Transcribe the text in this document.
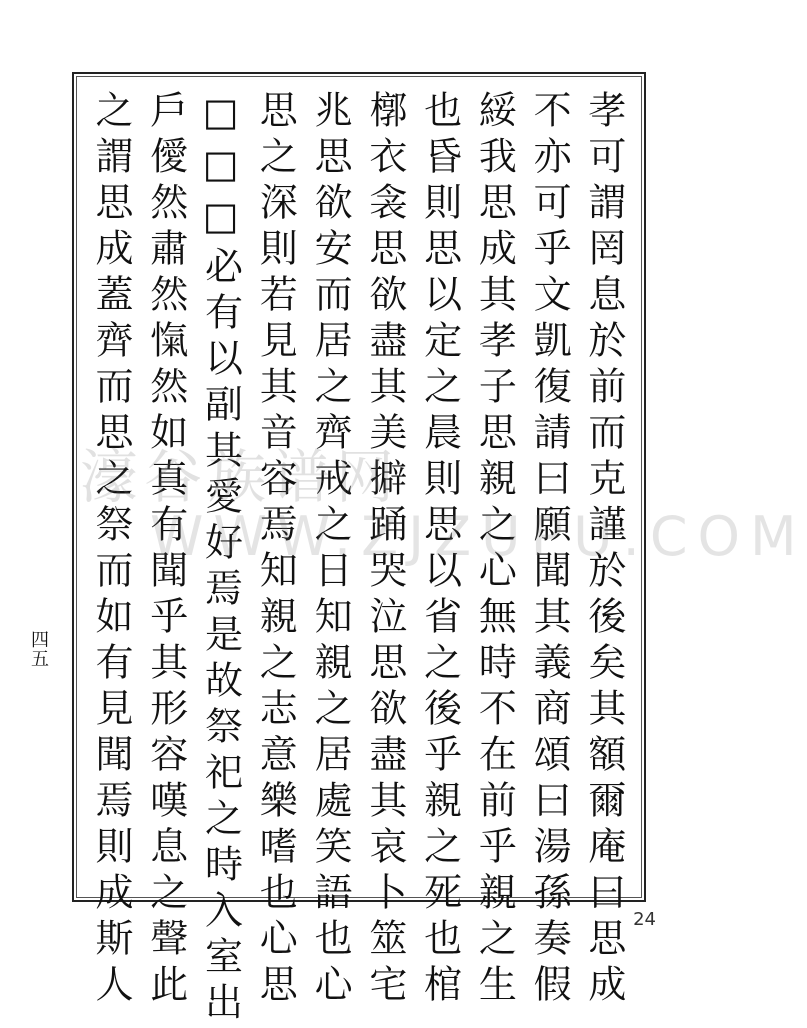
孝可謂罔息於前而克謹於後矣其額爾庵曰思成
不亦可乎文凱復請曰願聞其義商頌曰湯孫奏假
綏我思成其孝子思親之心無時不在前乎親之生
也昏則思以定之晨則思以省之後乎親之死也棺
槨衣衾思欲盡其美擗踊哭泣思欲盡其哀卜筮宅
兆思欲安而居之齊戒之日知親之居處笑語也心
思之深則若見其音容焉知親之志意樂嗜也心思
□□□必有以副其愛好焉是故祭祀之時入室出
戶僾然肅然愾然如真有聞乎其形容嘆息之聲此
之謂思成蓋齊而思之祭而如有見聞焉則成斯人
四五
24
濠谷族谱网
WWW.ZJZUPU.COM
